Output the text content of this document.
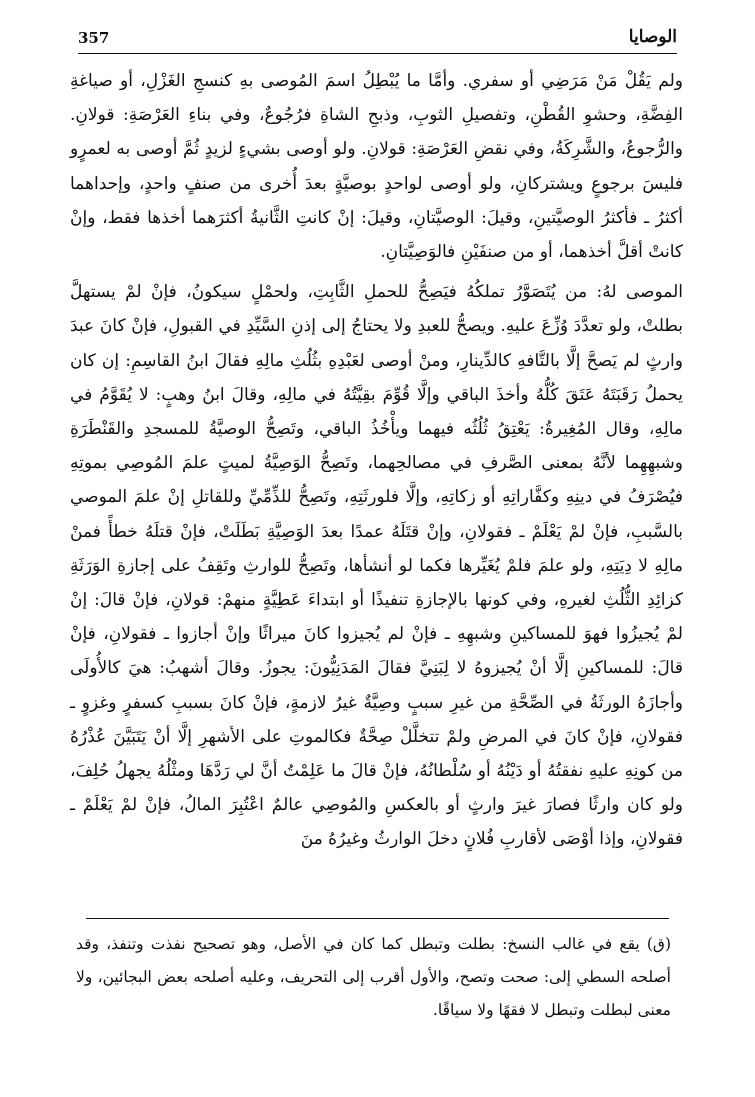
357	الوصايا

ولم يَقُلْ مَنْ مَرَضِي أو سفري. وأمَّا ما يُبْطِلُ اسمَ المُوصى بهِ كنسجِ الغَزْلِ، أو صياغةِ الفِضَّةِ، وحشوِ القُطْنِ، وتفصيلِ الثوبِ، وذبحِ الشاةِ فرُجُوعٌ، وفي بناءِ العَرْصَةِ: قولانِ. والرُّجوعُ، والشَّرِكَةُ، وفي نقضِ العَرْصَةِ: قولانِ. ولو أوصى بشيءٍ لزيدٍ ثُمَّ أوصى به لعمرٍو فليسَ برجوعٍ ويشتركانِ، ولو أوصى لواحدٍ بوصيَّةٍ بعدَ أُخرى من صنفٍ واحدٍ، وإحداهما أكثرُ ـ فأكثرُ الوصيَّتينِ، وقيلَ: الوصيَّتانِ، وقيلَ: إنْ كانتِ الثَّانيةُ أكثرَهما أخذها فقط، وإنْ كانتْ أقلَّ أخذهما، أو من صنفَيْنِ فالوَصِيَّتانِ.

الموصى لهُ: من يُتَصَوَّرُ تملكُهُ فيَصِحُّ للحملِ الثَّابِتِ، ولحمْلٍ سيكونُ، فإنْ لمْ يستهلَّ بطلتْ، ولو تعدَّدَ وُزِّعَ عليهِ. ويصحُّ للعبدِ ولا يحتاجُ إلى إذنِ السَّيِّدِ في القبولِ، فإنْ كانَ عبدَ وارثٍ لم يَصحَّ إلَّا بالتَّافهِ كالدِّينارِ، ومنْ أوصى لعَبْدِهِ بثُلُثِ مالِهِ فقالَ ابنُ القاسِمِ: إن كان يحملُ رَقَبَتَهُ عَتَقَ كُلُّهُ وأخذَ الباقي وإلَّا قُوِّمَ بقِيَّتُهُ في مالِهِ، وقالَ ابنُ وهبٍ: لا يُقَوَّمُ في مالِهِ، وقال المُغِيرةُ: يَعْتِقُ ثُلُثُه فيهما ويأْخُذُ الباقي، وتَصِحُّ الوصيَّةُ للمسجدِ والقَنْطَرَةِ وشبهِهِما لأنَّهُ بمعنى الصَّرفِ في مصالحِهما، وتَصِحُّ الوَصِيَّةُ لميتٍ علمَ المُوصِي بموتِهِ فيُصْرَفُ في دينِهِ وكفَّاراتِهِ أو زكاتِهِ، وإلَّا فلورثَتِهِ، وتَصِحُّ للذِّمِّيِّ وللقاتلِ إنْ علمَ الموصي بالسَّببِ، فإنْ لمْ يَعْلَمْ ـ فقولانِ، وإنْ قتَلَهُ عمدًا بعدَ الوَصِيَّةِ بَطَلَتْ، فإنْ قتلَهُ خطأً فمنْ مالِهِ لا دِيَتِهِ، ولو علمَ فلمْ يُغَيِّرها فكما لو أنشأها، وتَصِحُّ للوارثِ وتَقِفُ على إجازةِ الوَرَثَةِ كزائِدِ الثُّلُثِ لغيرهِ، وفي كونها بالإجازةِ تنفيذًا أو ابتداءَ عَطِيَّةٍ منهمْ: قولانِ، فإنْ قالَ: إنْ لمْ يُجيزُوا فهوَ للمساكينِ وشبهِهِ ـ فإنْ لم يُجيزوا كانَ ميراثًا وإنْ أجازوا ـ فقولانِ، فإنْ قالَ: للمساكينِ إلَّا أنْ يُجيزوهُ لا لِبَنِيَّ فقالَ المَدَنِيُّونَ: يجوزُ. وقالَ أشهبُ: هيَ كالأُولَى وأجازَهُ الورثَةُ في الصِّحَّةِ من غيرِ سببٍ وصِيَّةٌ غيرُ لازمةٍ، فإنْ كانَ بسببِ كسفرٍ وغزوٍ ـ فقولانِ، فإنْ كانَ في المرضِ ولمْ تتخلَّلْ صِحَّةٌ فكالموتِ على الأشهرِ إلَّا أنْ يَتَبَيَّنَ عُذْرُهُ من كونِهِ عليهِ نفقتُهُ أو دَيْنُهُ أو سُلْطانُهُ، فإنْ قالَ ما عَلِمْتُ أنَّ لي رَدَّهَا ومثْلُهُ يجهلُ حُلِفَ، ولو كان وارثًا فصارَ غيرَ وارثٍ أو بالعكسِ والمُوصِي عالمٌ اعْتُبِرَ المالُ، فإنْ لمْ يَعْلَمْ ـ فقولانِ، وإذا أوْصَى لأقاربِ فُلانٍ دخلَ الوارثُ وغيرُهُ منَ

(ق) يقع في غالب النسخ: بطلت وتبطل كما كان في الأصل، وهو تصحيح نفذت وتنفذ، وقد أصلحه السطي إلى: صحت وتصح، والأول أقرب إلى التحريف، وعليه أصلحه بعض البجائين، ولا معنى لبطلت وتبطل لا فقهًا ولا سياقًا.
